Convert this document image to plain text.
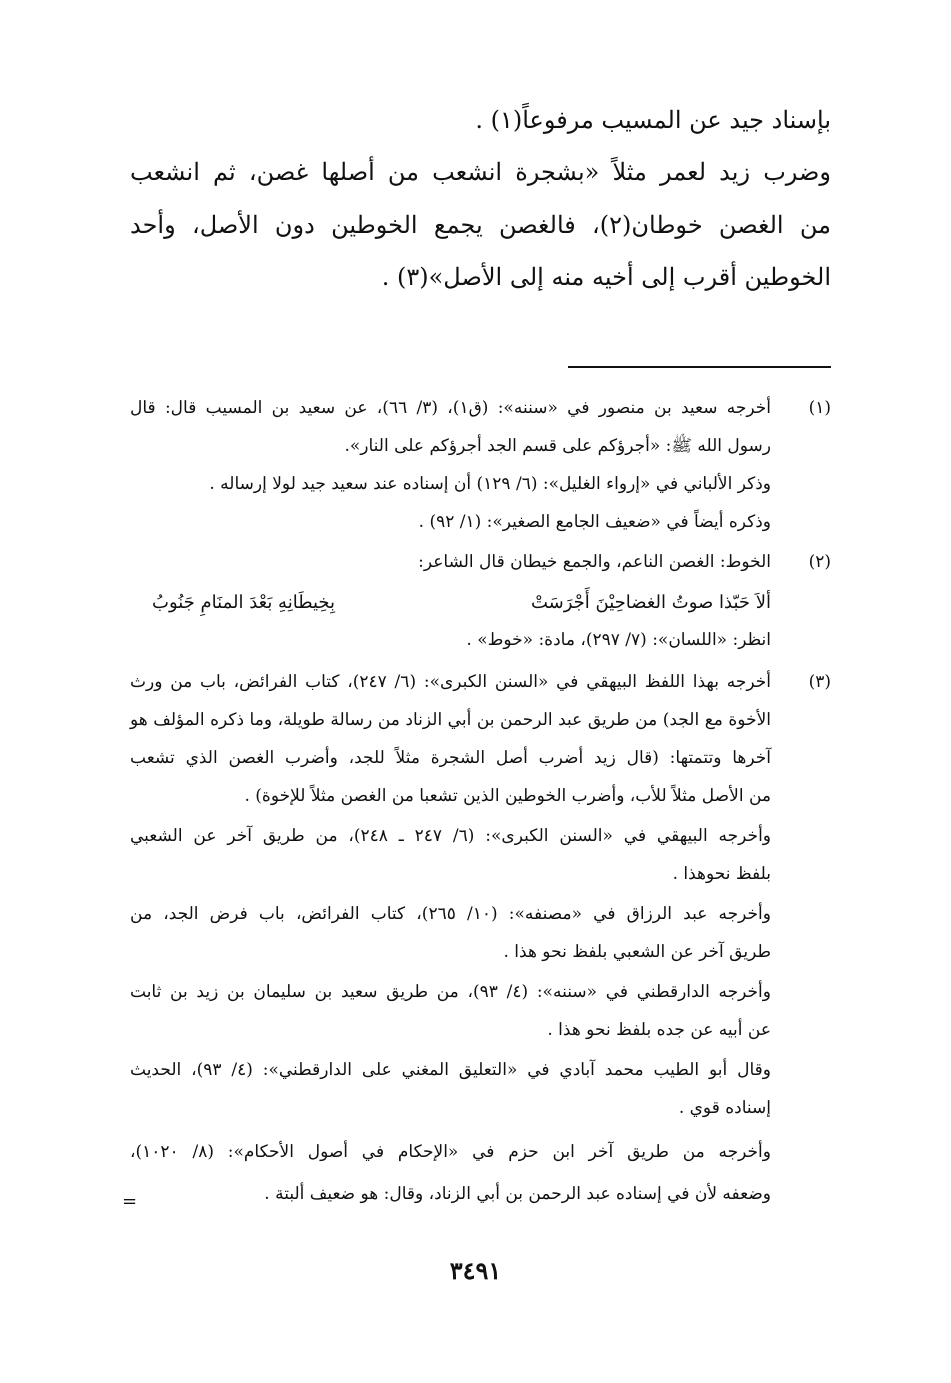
بإسناد جيد عن المسيب مرفوعاً(١) .
وضرب زيد لعمر مثلاً «بشجرة انشعب من أصلها غصن، ثم انشعب
من الغصن خوطان(٢)، فالغصن يجمع الخوطين دون الأصل، وأحد
الخوطين أقرب إلى أخيه منه إلى الأصل»(٣) .
(١)
أخرجه سعيد بن منصور في «سننه»: (ق١)، (٣/ ٦٦)، عن سعيد بن المسيب قال: قال
رسول الله ﷺ: «أجرؤكم على قسم الجد أجرؤكم على النار».
وذكر الألباني في «إرواء الغليل»: (٦/ ١٢٩) أن إسناده عند سعيد جيد لولا إرساله .
وذكره أيضاً في «ضعيف الجامع الصغير»: (١/ ٩٢) .
(٢)
الخوط: الغصن الناعم، والجمع خيطان قال الشاعر:
ألاَ حَبّذا صوتُ الغضاحِيْنَ أَجْرَسَتْ
بِخِيطَانِهِ بَعْدَ المنَامِ جَنُوبُ
انظر: «اللسان»: (٧/ ٢٩٧)، مادة: «خوط» .
(٣)
أخرجه بهذا اللفظ البيهقي في «السنن الكبرى»: (٦/ ٢٤٧)، كتاب الفرائض، باب من ورث
الأخوة مع الجد) من طريق عبد الرحمن بن أبي الزناد من رسالة طويلة، وما ذكره المؤلف هو
آخرها وتتمتها: (قال زيد أضرب أصل الشجرة مثلاً للجد، وأضرب الغصن الذي تشعب
من الأصل مثلاً للأب، وأضرب الخوطين الذين تشعبا من الغصن مثلاً للإخوة) .
وأخرجه البيهقي في «السنن الكبرى»: (٦/ ٢٤٧ ـ ٢٤٨)، من طريق آخر عن الشعبي
بلفظ نحوهذا .
وأخرجه عبد الرزاق في «مصنفه»: (١٠/ ٢٦٥)، كتاب الفرائض، باب فرض الجد، من
طريق آخر عن الشعبي بلفظ نحو هذا .
وأخرجه الدارقطني في «سننه»: (٤/ ٩٣)، من طريق سعيد بن سليمان بن زيد بن ثابت
عن أبيه عن جده بلفظ نحو هذا .
وقال أبو الطيب محمد آبادي في «التعليق المغني على الدارقطني»: (٤/ ٩٣)، الحديث
إسناده قوي .
وأخرجه من طريق آخر ابن حزم في «الإحكام في أصول الأحكام»: (٨/ ١٠٢٠)،
وضعفه لأن في إسناده عبد الرحمن بن أبي الزناد، وقال: هو ضعيف ألبتة .
=
٣٤٩١
